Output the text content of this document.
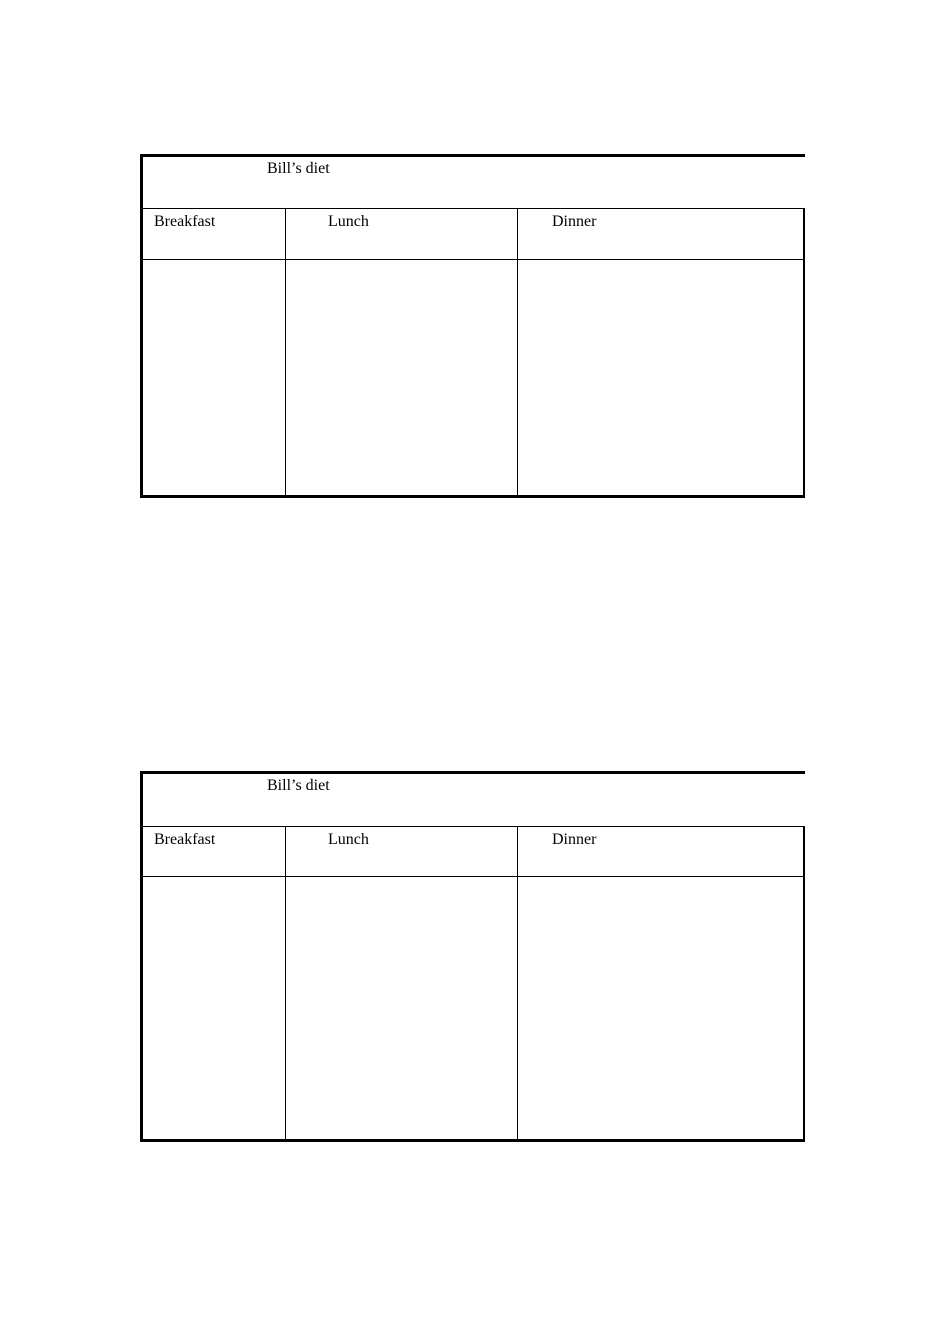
Bill’s diet
Breakfast	Lunch	Dinner
Bill’s diet
Breakfast	Lunch	Dinner
